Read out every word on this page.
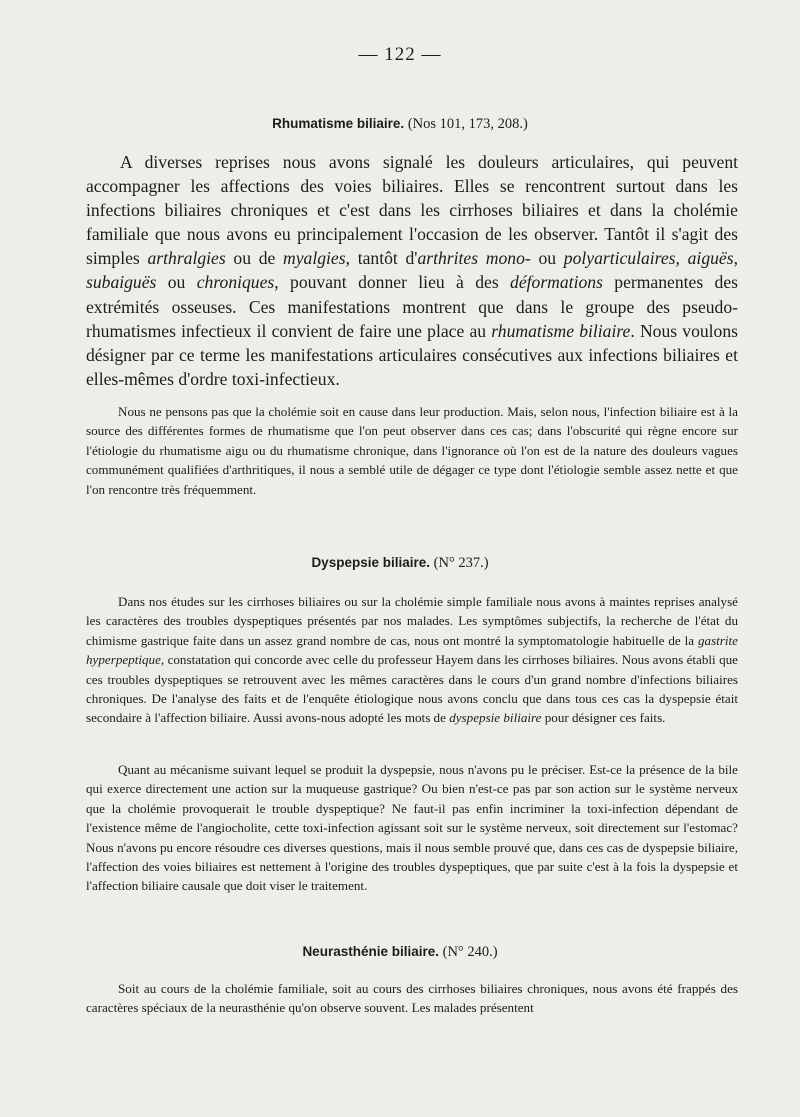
— 122 —
Rhumatisme biliaire. (Nos 101, 173, 208.)

A diverses reprises nous avons signalé les douleurs articulaires, qui peuvent accompagner les affections des voies biliaires. Elles se rencontrent surtout dans les infections biliaires chroniques et c'est dans les cirrhoses biliaires et dans la cholémie familiale que nous avons eu principalement l'occasion de les observer. Tantôt il s'agit des simples arthralgies ou de myalgies, tantôt d'arthrites mono- ou polyarticulaires, aiguës, subaiguës ou chroniques, pouvant donner lieu à des déformations permanentes des extrémités osseuses. Ces manifestations montrent que dans le groupe des pseudo-rhumatismes infectieux il convient de faire une place au rhumatisme biliaire. Nous voulons désigner par ce terme les manifestations articulaires consécutives aux infections biliaires et elles-mêmes d'ordre toxi-infectieux.

Nous ne pensons pas que la cholémie soit en cause dans leur production. Mais, selon nous, l'infection biliaire est à la source des différentes formes de rhumatisme que l'on peut observer dans ces cas; dans l'obscurité qui règne encore sur l'étiologie du rhumatisme aigu ou du rhumatisme chronique, dans l'ignorance où l'on est de la nature des douleurs vagues communément qualifiées d'arthritiques, il nous a semblé utile de dégager ce type dont l'étiologie semble assez nette et que l'on rencontre très fréquemment.

Dyspepsie biliaire. (N° 237.)

Dans nos études sur les cirrhoses biliaires ou sur la cholémie simple familiale nous avons à maintes reprises analysé les caractères des troubles dyspeptiques présentés par nos malades. Les symptômes subjectifs, la recherche de l'état du chimisme gastrique faite dans un assez grand nombre de cas, nous ont montré la symptomatologie habituelle de la gastrite hyperpeptique, constatation qui concorde avec celle du professeur Hayem dans les cirrhoses biliaires. Nous avons établi que ces troubles dyspeptiques se retrouvent avec les mêmes caractères dans le cours d'un grand nombre d'infections biliaires chroniques. De l'analyse des faits et de l'enquête étiologique nous avons conclu que dans tous ces cas la dyspepsie était secondaire à l'affection biliaire. Aussi avons-nous adopté les mots de dyspepsie biliaire pour désigner ces faits.

Quant au mécanisme suivant lequel se produit la dyspepsie, nous n'avons pu le préciser. Est-ce la présence de la bile qui exerce directement une action sur la muqueuse gastrique? Ou bien n'est-ce pas par son action sur le système nerveux que la cholémie provoquerait le trouble dyspeptique? Ne faut-il pas enfin incriminer la toxi-infection dépendant de l'existence même de l'angiocholite, cette toxi-infection agissant soit sur le système nerveux, soit directement sur l'estomac? Nous n'avons pu encore résoudre ces diverses questions, mais il nous semble prouvé que, dans ces cas de dyspepsie biliaire, l'affection des voies biliaires est nettement à l'origine des troubles dyspeptiques, que par suite c'est à la fois la dyspepsie et l'affection biliaire causale que doit viser le traitement.

Neurasthénie biliaire. (N° 240.)

Soit au cours de la cholémie familiale, soit au cours des cirrhoses biliaires chroniques, nous avons été frappés des caractères spéciaux de la neurasthénie qu'on observe souvent. Les malades présentent
